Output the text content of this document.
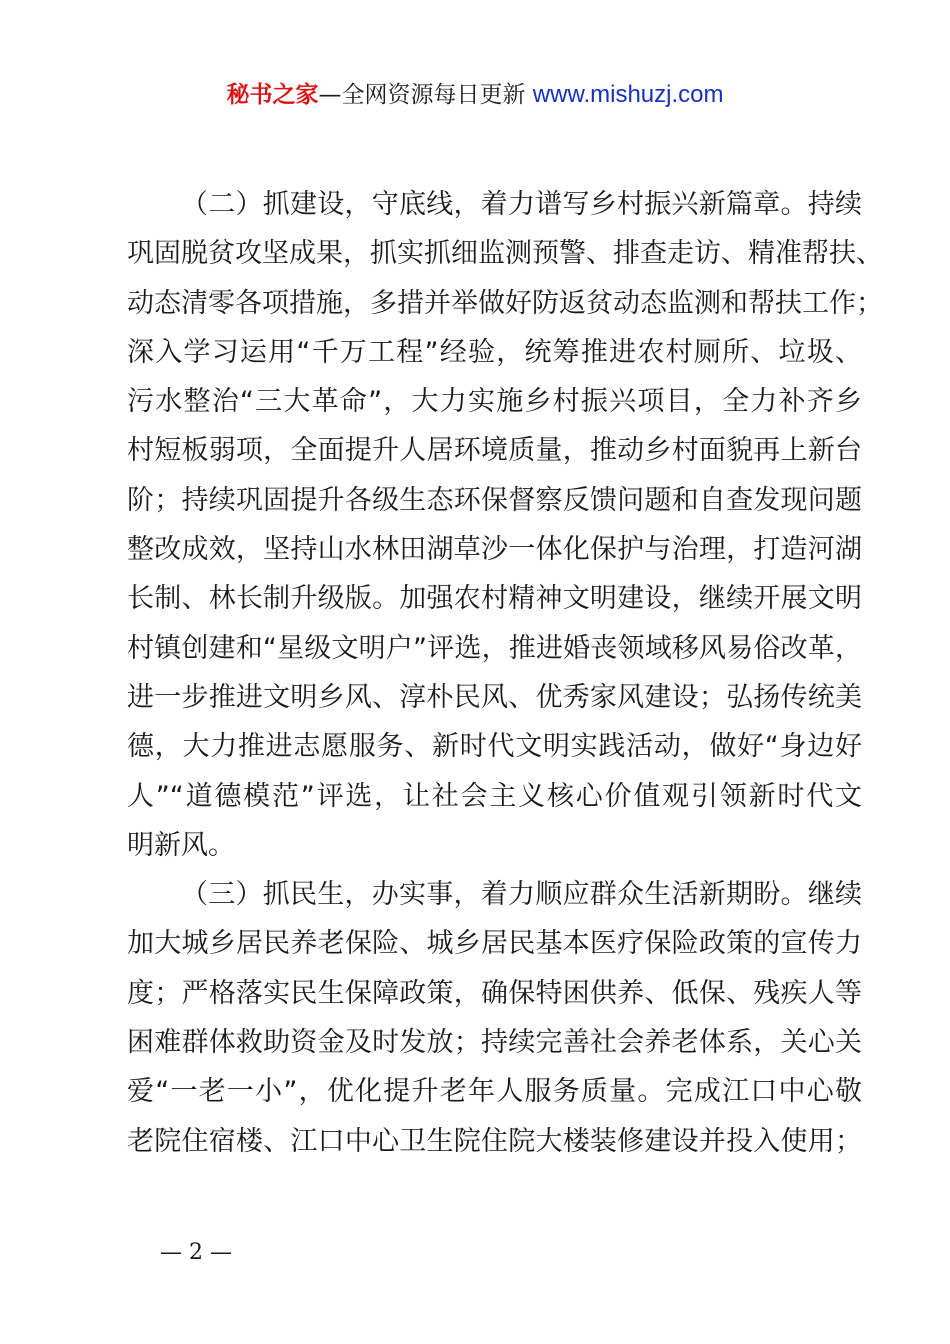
秘书之家—全网资源每日更新 www.mishuzj.com

（二）抓建设，守底线，着力谱写乡村振兴新篇章。持续
巩固脱贫攻坚成果，抓实抓细监测预警、排查走访、精准帮扶、
动态清零各项措施，多措并举做好防返贫动态监测和帮扶工作；
深入学习运用“千万工程”经验，统筹推进农村厕所、垃圾、
污水整治“三大革命”，大力实施乡村振兴项目，全力补齐乡
村短板弱项，全面提升人居环境质量，推动乡村面貌再上新台
阶；持续巩固提升各级生态环保督察反馈问题和自查发现问题
整改成效，坚持山水林田湖草沙一体化保护与治理，打造河湖
长制、林长制升级版。加强农村精神文明建设，继续开展文明
村镇创建和“星级文明户”评选，推进婚丧领域移风易俗改革，
进一步推进文明乡风、淳朴民风、优秀家风建设；弘扬传统美
德，大力推进志愿服务、新时代文明实践活动，做好“身边好
人”“道德模范”评选，让社会主义核心价值观引领新时代文
明新风。

（三）抓民生，办实事，着力顺应群众生活新期盼。继续
加大城乡居民养老保险、城乡居民基本医疗保险政策的宣传力
度；严格落实民生保障政策，确保特困供养、低保、残疾人等
困难群体救助资金及时发放；持续完善社会养老体系，关心关
爱“一老一小”，优化提升老年人服务质量。完成江口中心敬
老院住宿楼、江口中心卫生院住院大楼装修建设并投入使用；

— 2 —
